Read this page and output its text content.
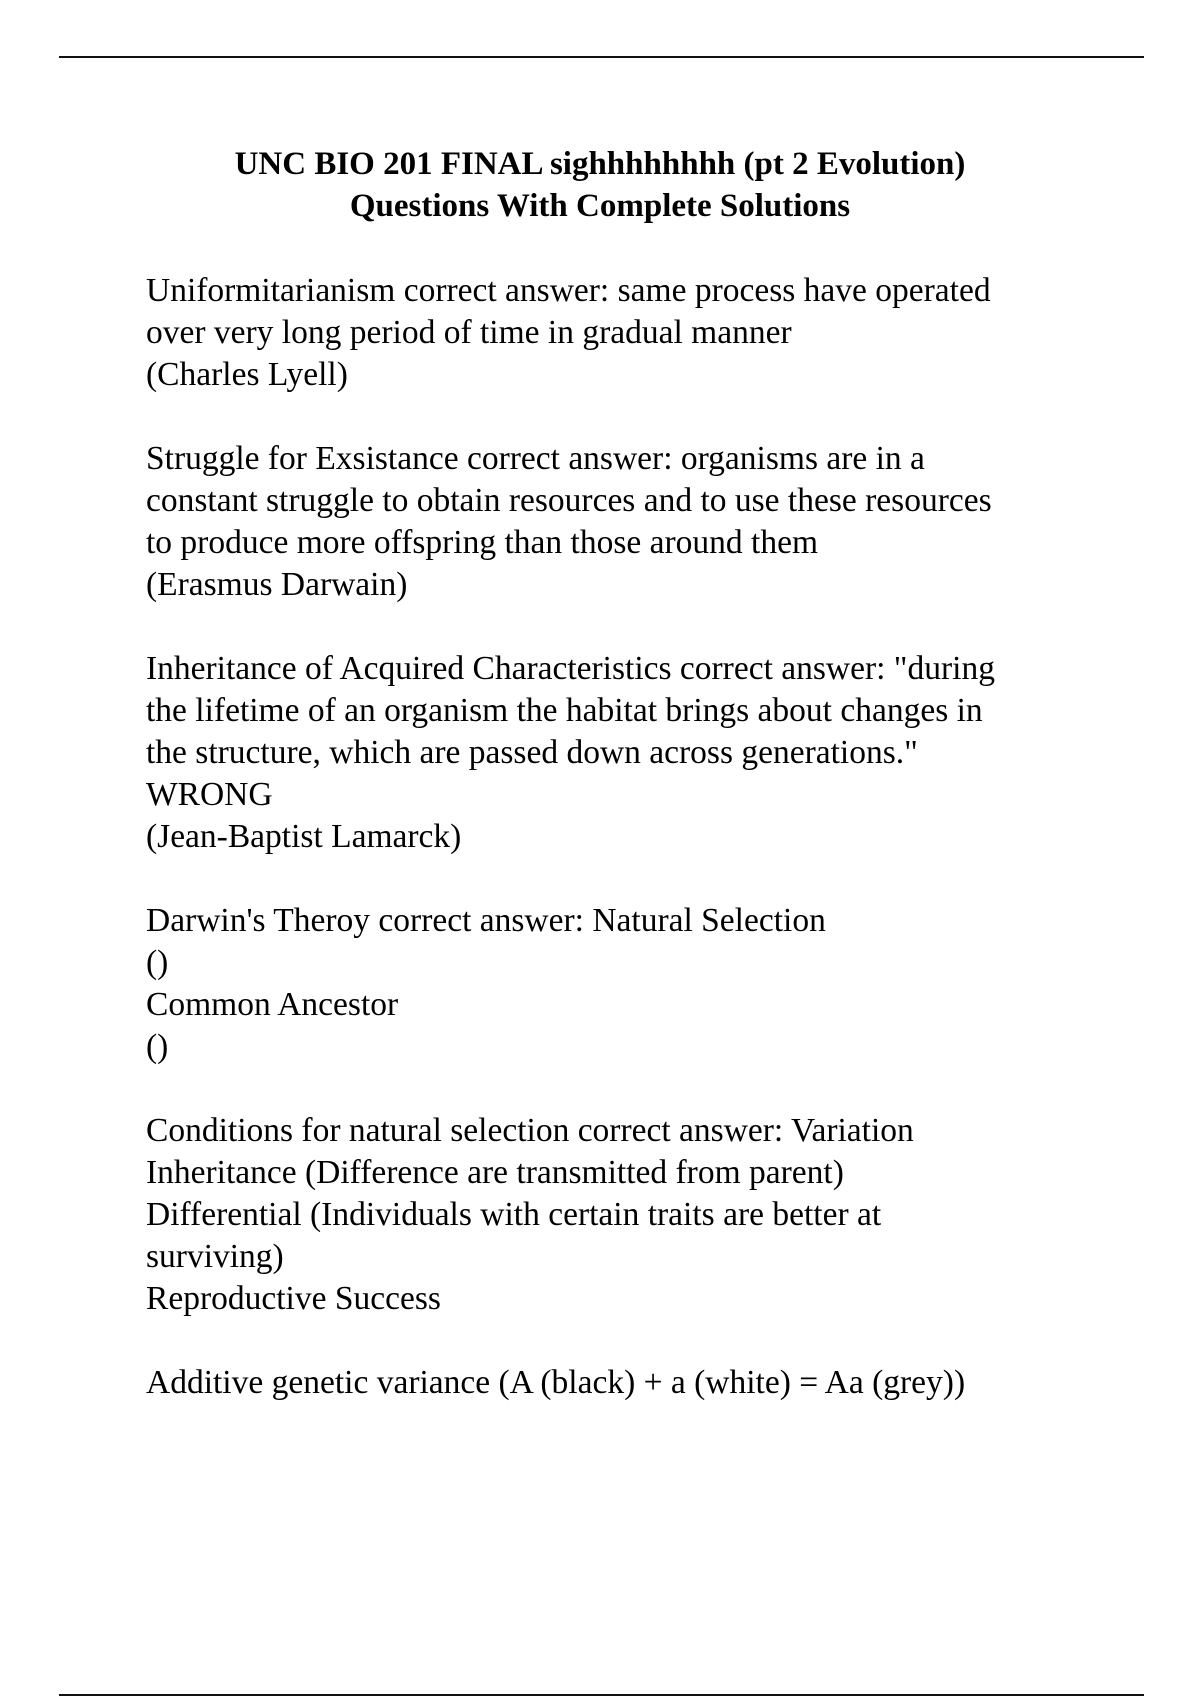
UNC BIO 201 FINAL sighhhhhhhh (pt 2 Evolution)
Questions With Complete Solutions
Uniformitarianism correct answer: same process have operated
over very long period of time in gradual manner
(Charles Lyell)
Struggle for Exsistance correct answer: organisms are in a
constant struggle to obtain resources and to use these resources
to produce more offspring than those around them
(Erasmus Darwain)
Inheritance of Acquired Characteristics correct answer: "during
the lifetime of an organism the habitat brings about changes in
the structure, which are passed down across generations."
WRONG
(Jean-Baptist Lamarck)
Darwin's Theroy correct answer: Natural Selection
()
Common Ancestor
()
Conditions for natural selection correct answer: Variation
Inheritance (Difference are transmitted from parent)
Differential (Individuals with certain traits are better at
surviving)
Reproductive Success
Additive genetic variance (A (black) + a (white) = Aa (grey))
